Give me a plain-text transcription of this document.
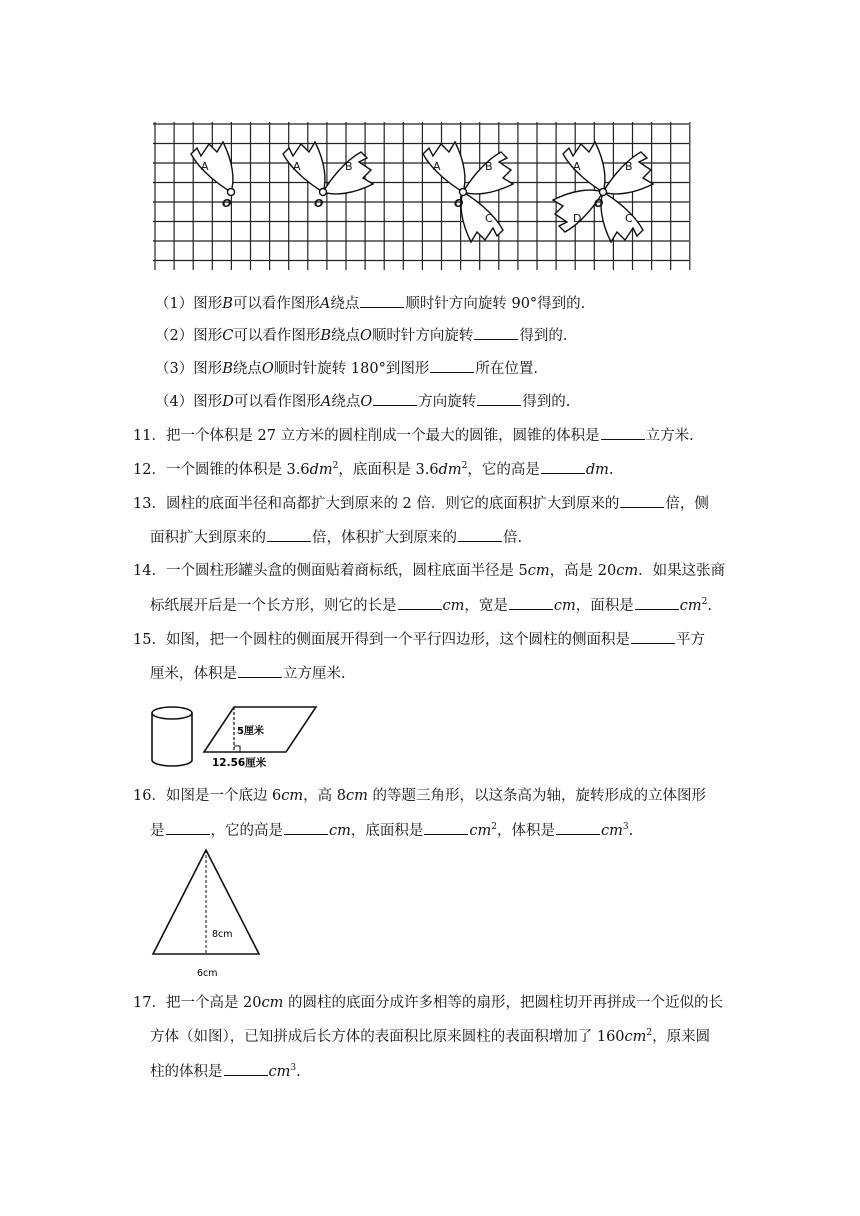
A
O
A	B
O
A	B
C
O
A	B
C
D
O
（1）图形B可以看作图形A绕点	顺时针方向旋转 90°得到的.
（2）图形C可以看作图形B绕点O顺时针方向旋转	得到的.
（3）图形B绕点O顺时针旋转 180°到图形	所在位置.
（4）图形D可以看作图形A绕点O	方向旋转	得到的.
11．把一个体积是 27 立方米的圆柱削成一个最大的圆锥，圆锥的体积是	立方米.
12．一个圆锥的体积是 $3.6dm^2$，底面积是 $3.6dm^2$，它的高是	dm.
13．圆柱的底面半径和高都扩大到原来的 2 倍．则它的底面积扩大到原来的	倍，侧
面积扩大到原来的	倍，体积扩大到原来的	倍.
14．一个圆柱形罐头盒的侧面贴着商标纸，圆柱底面半径是 5cm，高是 20cm．如果这张商
标纸展开后是一个长方形，则它的长是	cm，宽是	cm，面积是	$cm^2$.
15．如图，把一个圆柱的侧面展开得到一个平行四边形，这个圆柱的侧面积是	平方
厘米，体积是	立方厘米.
5厘米
12.56厘米
16．如图是一个底边 6cm，高 8cm 的等题三角形，以这条高为轴，旋转形成的立体图形
是	，它的高是	cm，底面积是	$cm^2$，体积是	$cm^3$.
8cm
6cm
17．把一个高是 20cm 的圆柱的底面分成许多相等的扇形，把圆柱切开再拼成一个近似的长
方体（如图），已知拼成后长方体的表面积比原来圆柱的表面积增加了 $160cm^2$，原来圆
柱的体积是	$cm^3$.
